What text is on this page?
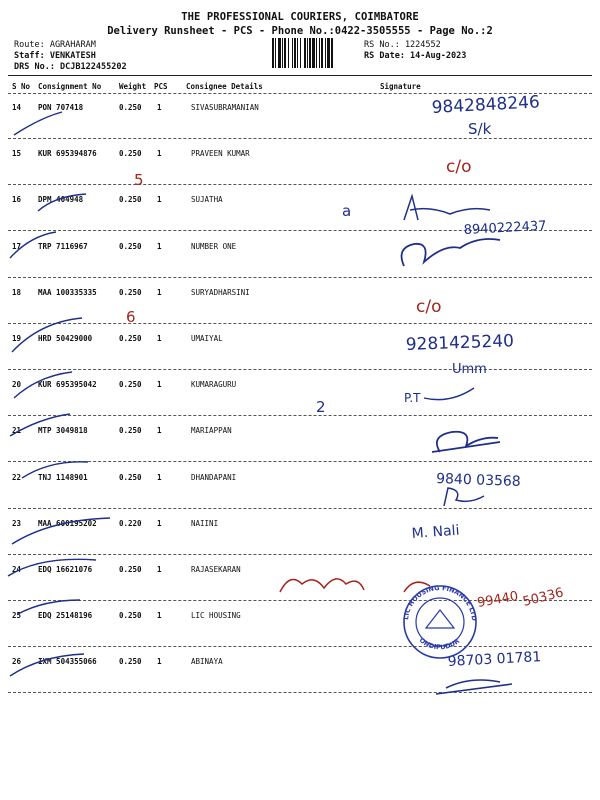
THE PROFESSIONAL COURIERS, COIMBATORE
Delivery Runsheet - PCS - Phone No.:0422-3505555 - Page No.:2
Route: AGRAHARAM
Staff: VENKATESH
DRS No.: DCJB122455202
RS No.: 1224552
RS Date: 14-Aug-2023
S No Consignment No Weight PCS Consignee Details	Signature
14 PON 707418	0.250 1	SIVASUBRAMANIAN
15 KUR 695394876	0.250 1	PRAVEEN KUMAR
16 DPM 404948	0.250 1	SUJATHA
17 TRP 7116967	0.250 1	NUMBER ONE
18 MAA 100335335	0.250 1	SURYADHARSINI
19 HRD 50429000	0.250 1	UMAIYAL
20 KUR 695395042	0.250 1	KUMARAGURU
21 MTP 3049818	0.250 1	MARIAPPAN
22 TNJ 1148901	0.250 1	DHANDAPANI
23 MAA 600195202	0.220 1	NAIINI
24 EDQ 16621076	0.250 1	RAJASEKARAN
25 EDQ 25148196	0.250 1	LIC HOUSING
26 IXM 504355066	0.250 1	ABINAYA
9842848246
S/k
5
c/o
a
8940222437
6	c/o
9281425240
Umm
2	P.T
9840 03568
M. Nali
99440 50336
98703 01781
LIC HOUSING FINANCE LTD
ONDIPUDUR
